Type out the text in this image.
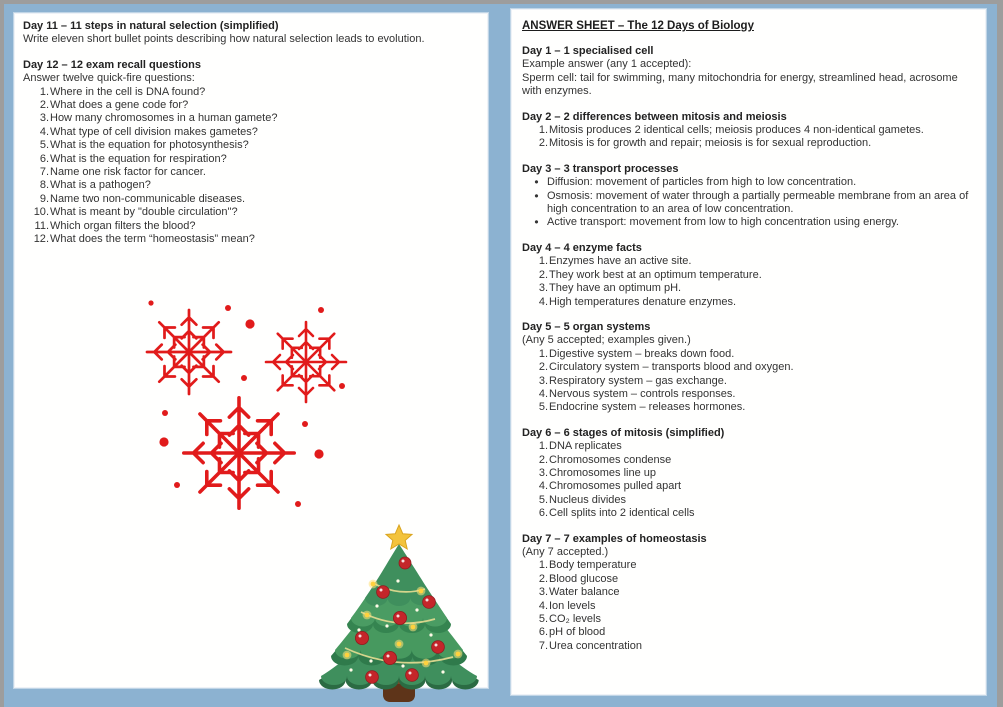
Day 11 – 11 steps in natural selection (simplified)

Write eleven short bullet points describing how natural selection leads to evolution.

Day 12 – 12 exam recall questions

Answer twelve quick-fire questions:

Where in the cell is DNA found?
What does a gene code for?
How many chromosomes in a human gamete?
What type of cell division makes gametes?
What is the equation for photosynthesis?
What is the equation for respiration?
Name one risk factor for cancer.
What is a pathogen?
Name two non-communicable diseases.
What is meant by "double circulation"?
Which organ filters the blood?
What does the term “homeostasis” mean?

ANSWER SHEET – The 12 Days of Biology

Day 1 – 1 specialised cell

Example answer (any 1 accepted):

Sperm cell: tail for swimming, many mitochondria for energy, streamlined head, acrosome with enzymes.

Day 2 – 2 differences between mitosis and meiosis
Mitosis produces 2 identical cells; meiosis produces 4 non-identical gametes.
Mitosis is for growth and repair; meiosis is for sexual reproduction.
Day 3 – 3 transport processes
• Diffusion: movement of particles from high to low concentration.
• Osmosis: movement of water through a partially permeable membrane from an area of high concentration to an area of low concentration.
• Active transport: movement from low to high concentration using energy.
Day 4 – 4 enzyme facts
Enzymes have an active site.
They work best at an optimum temperature.
They have an optimum pH.
High temperatures denature enzymes.
Day 5 – 5 organ systems

(Any 5 accepted; examples given.)

Digestive system – breaks down food.
Circulatory system – transports blood and oxygen.
Respiratory system – gas exchange.
Nervous system – controls responses.
Endocrine system – releases hormones.
Day 6 – 6 stages of mitosis (simplified)
DNA replicates
Chromosomes condense
Chromosomes line up
Chromosomes pulled apart
Nucleus divides
Cell splits into 2 identical cells
Day 7 – 7 examples of homeostasis

(Any 7 accepted.)

Body temperature
Blood glucose
Water balance
Ion levels
CO₂ levels
pH of blood
Urea concentration
